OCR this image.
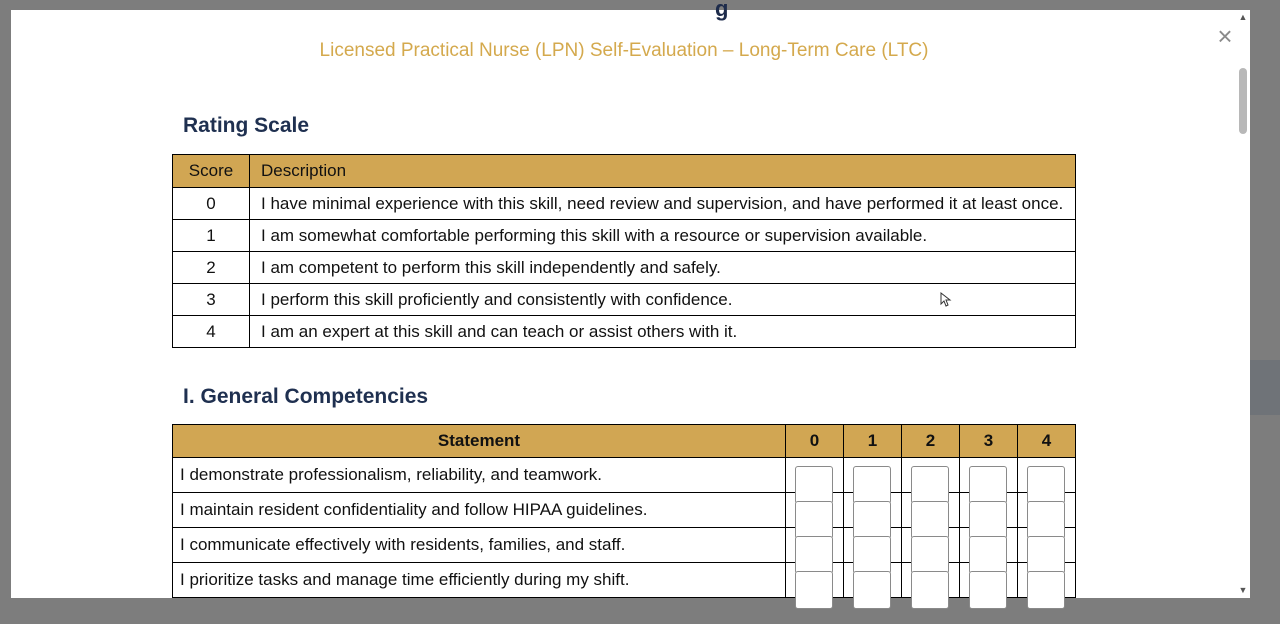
g
×
Licensed Practical Nurse (LPN) Self-Evaluation – Long-Term Care (LTC)
Rating Scale
Score	Description
0	I have minimal experience with this skill, need review and supervision, and have performed it at least once.
1	I am somewhat comfortable performing this skill with a resource or supervision available.
2	I am competent to perform this skill independently and safely.
3	I perform this skill proficiently and consistently with confidence.
4	I am an expert at this skill and can teach or assist others with it.
I. General Competencies
Statement	0	1	2	3	4
I demonstrate professionalism, reliability, and teamwork.	

I maintain resident confidentiality and follow HIPAA guidelines.	

I communicate effectively with residents, families, and staff.	

I prioritize tasks and manage time efficiently during my shift.	

▲
▼
